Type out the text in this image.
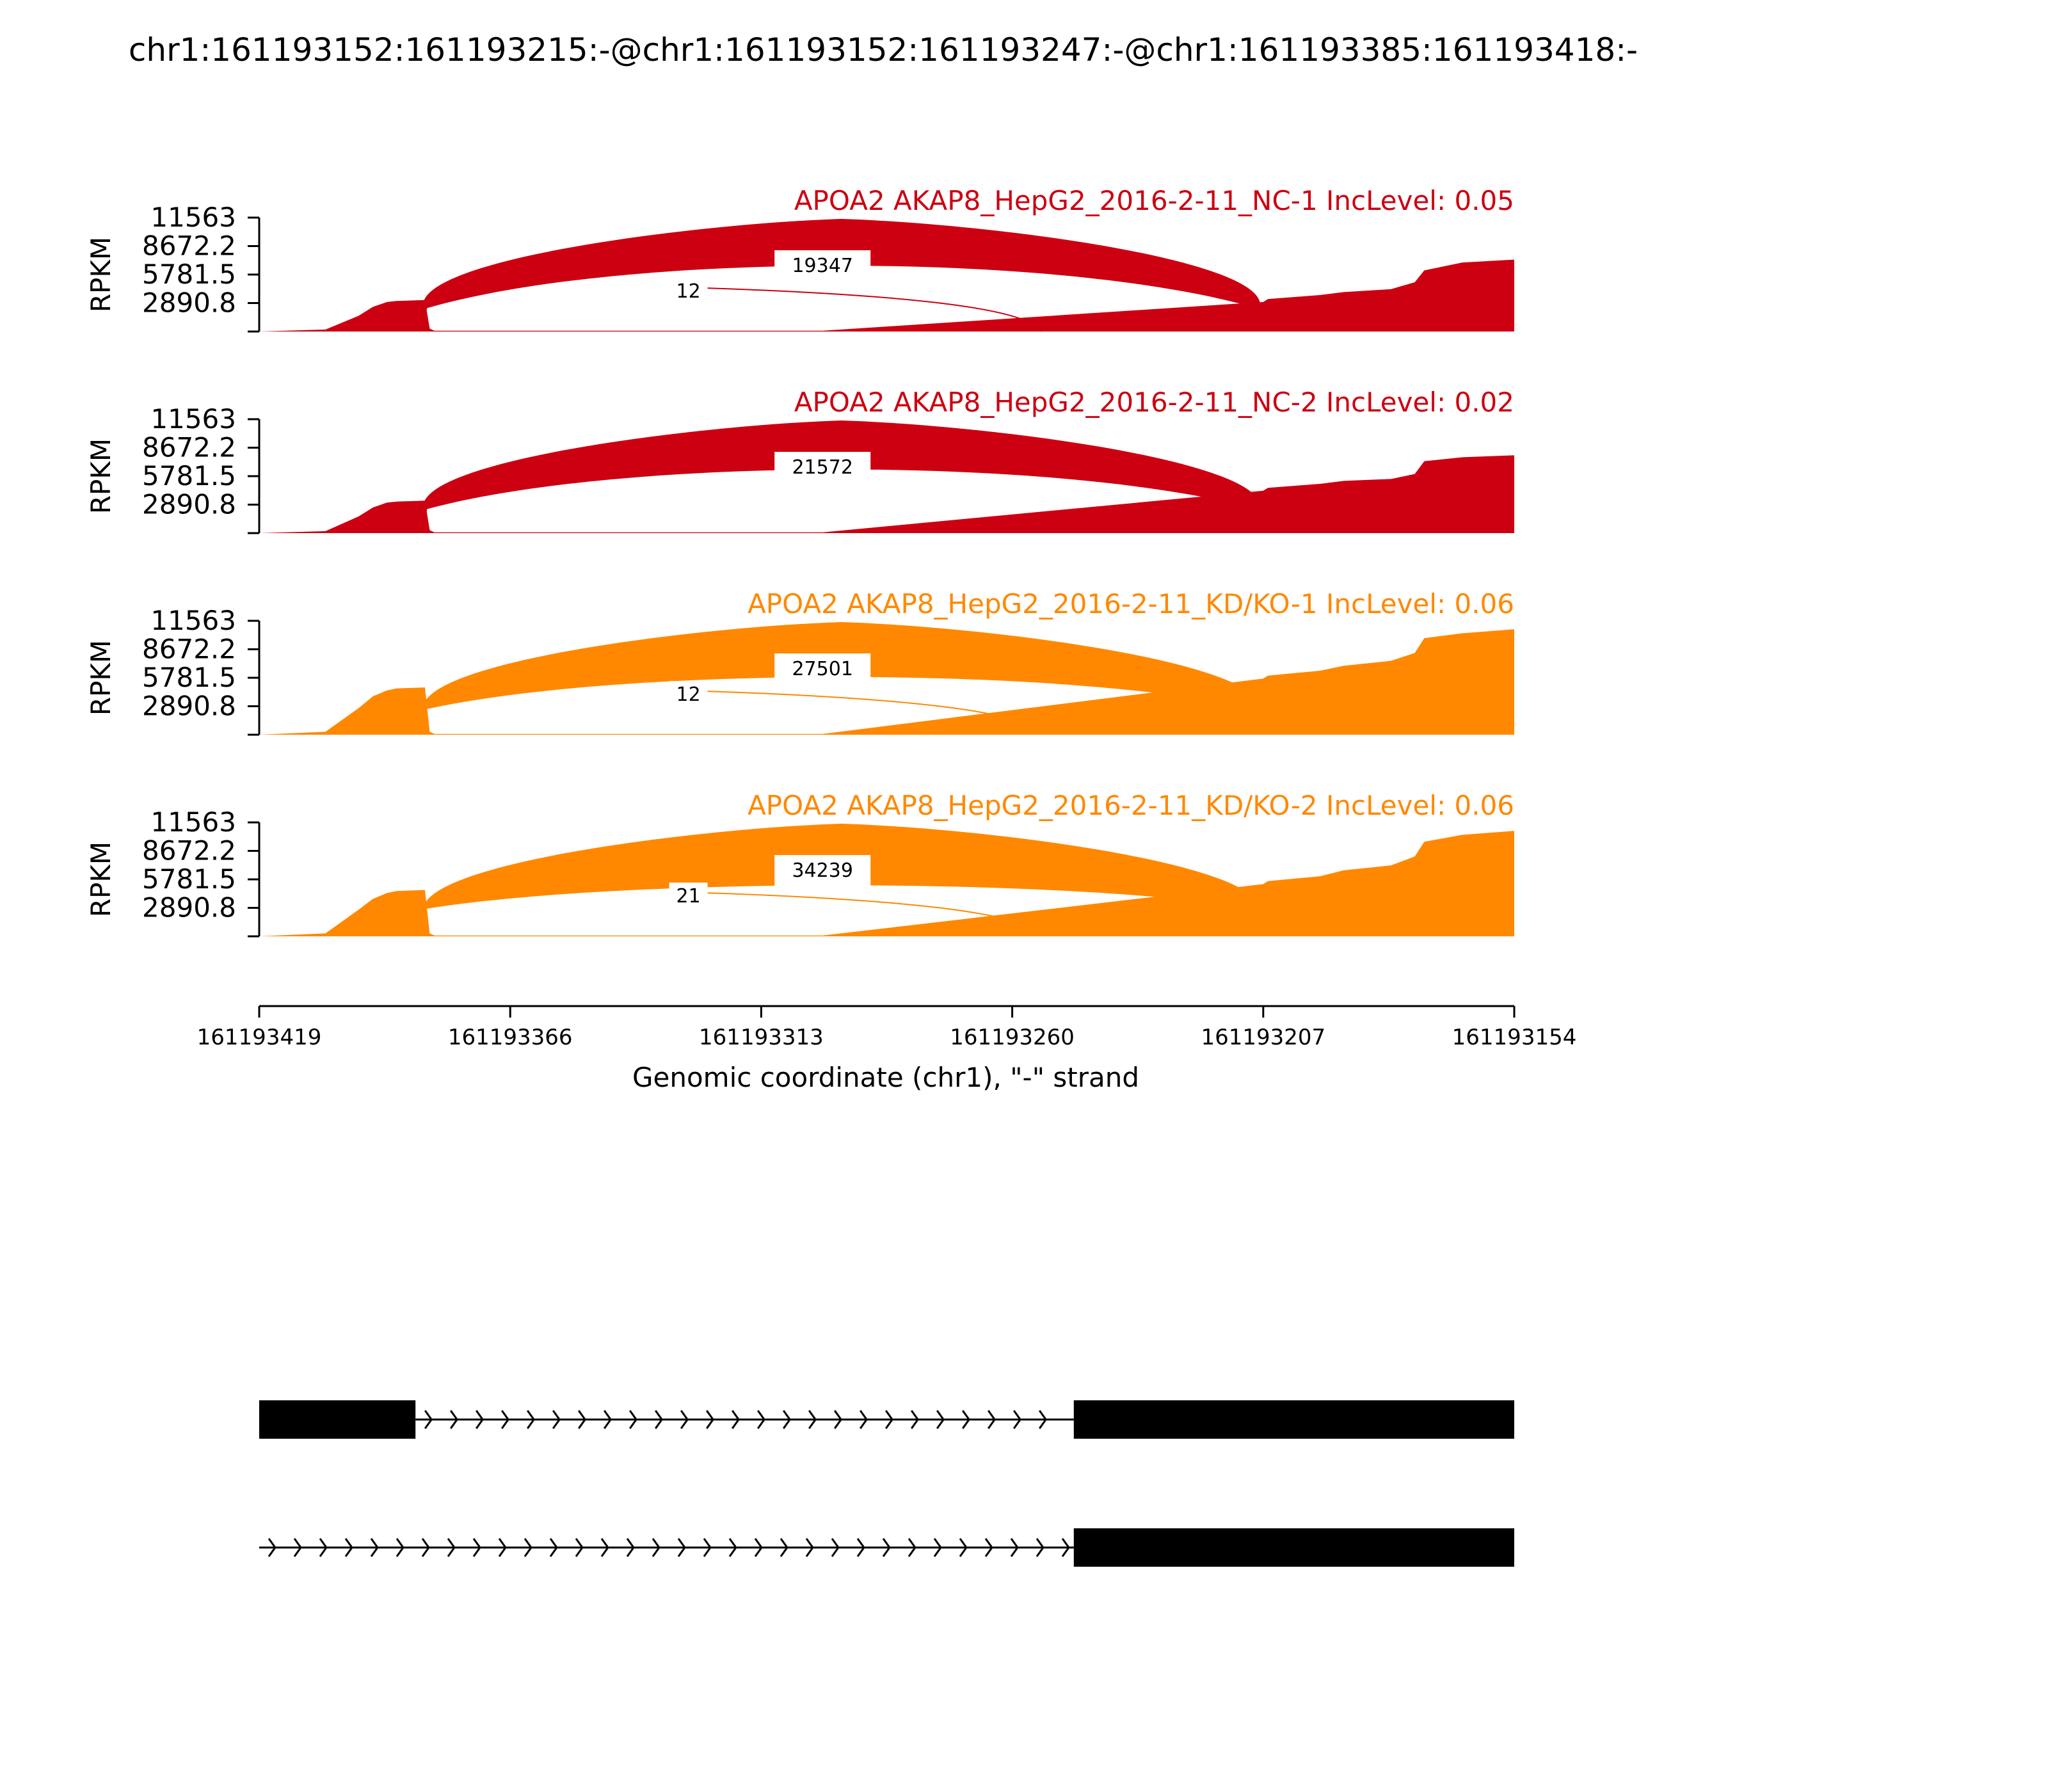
chr1:161193152:161193215:-@chr1:161193152:161193247:-@chr1:161193385:161193418:-
19347
12
11563
8672.2
5781.5
2890.8
RPKM
APOA2 AKAP8_HepG2_2016-2-11_NC-1 IncLevel: 0.05
21572
11563
8672.2
5781.5
2890.8
RPKM
APOA2 AKAP8_HepG2_2016-2-11_NC-2 IncLevel: 0.02
27501
12
11563
8672.2
5781.5
2890.8
RPKM
APOA2 AKAP8_HepG2_2016-2-11_KD/KO-1 IncLevel: 0.06
34239
21
11563
8672.2
5781.5
2890.8
RPKM
APOA2 AKAP8_HepG2_2016-2-11_KD/KO-2 IncLevel: 0.06
161193419	161193366	161193313	161193260	161193207	161193154
Genomic coordinate (chr1), "-" strand
